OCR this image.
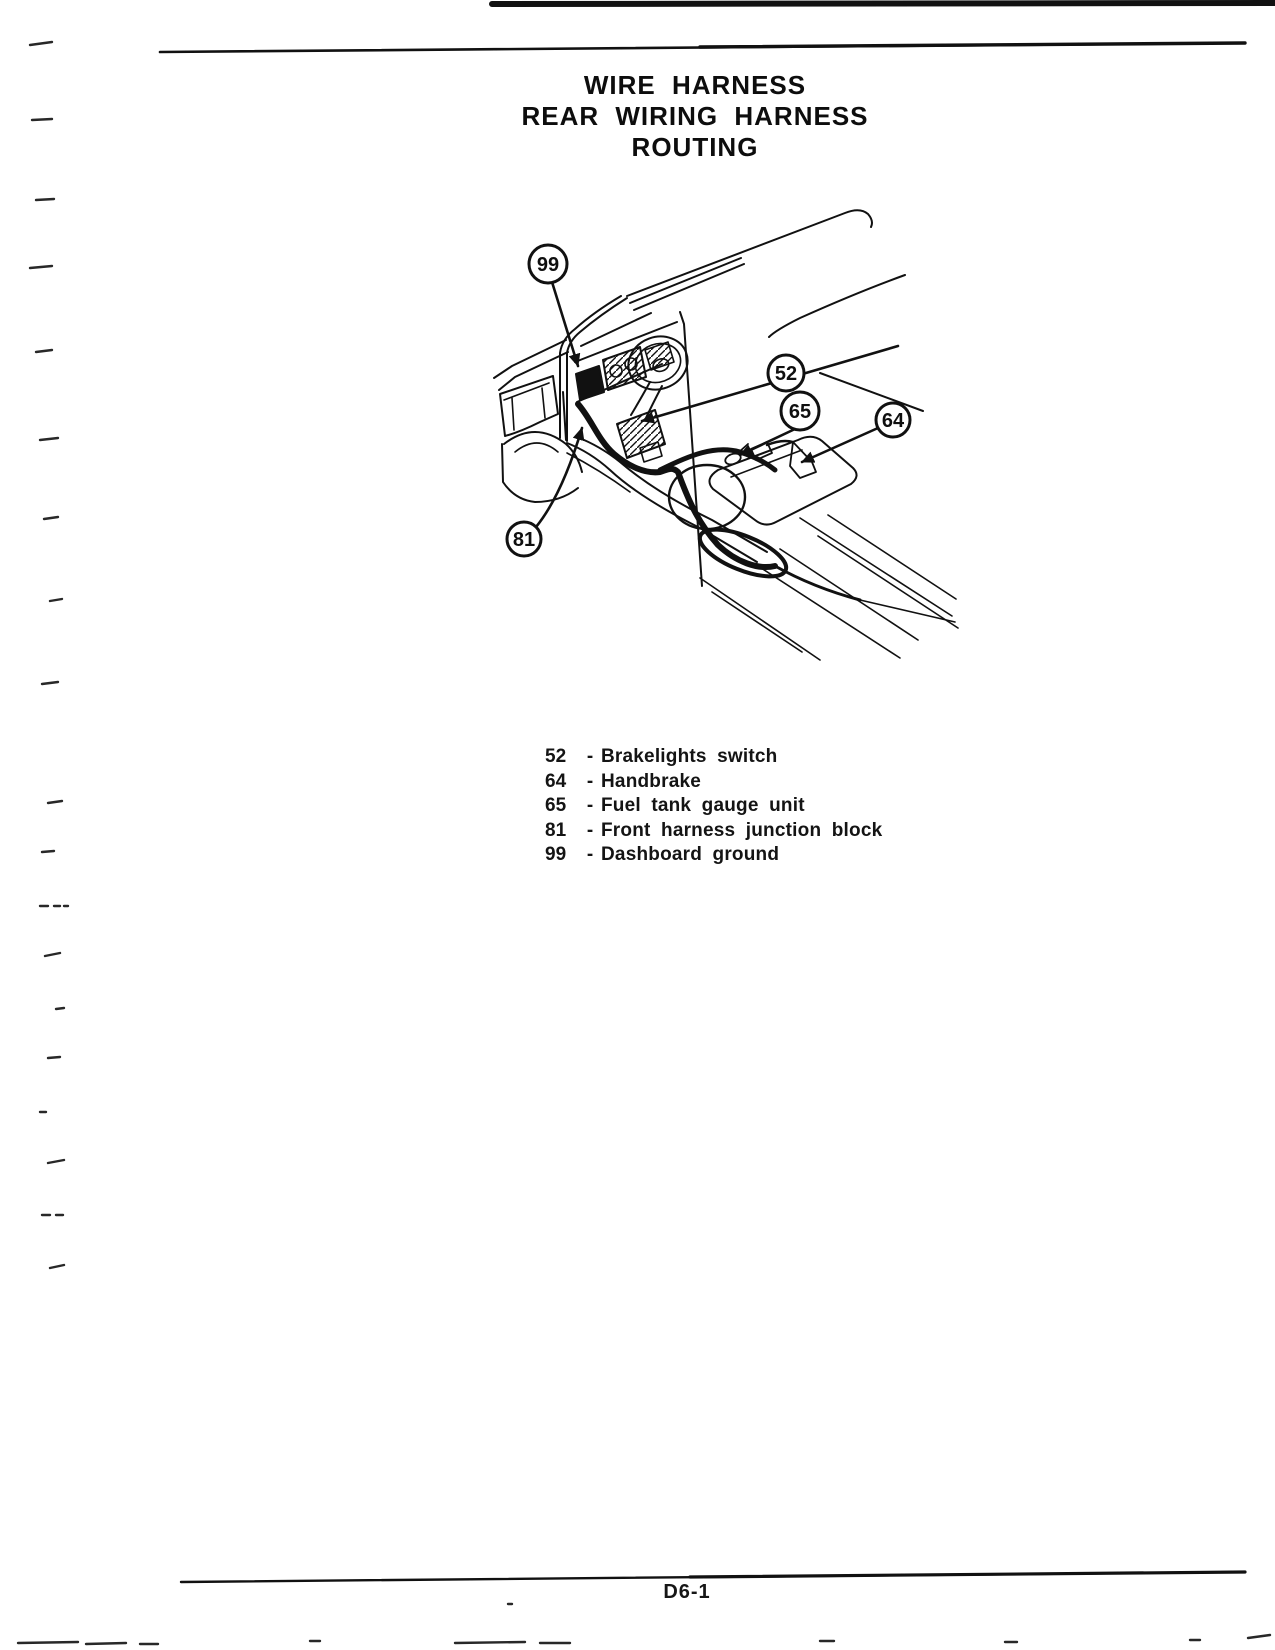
99
52
65	64
81
WIRE HARNESS
REAR WIRING HARNESS
ROUTING
52	- Brakelights switch
64	- Handbrake
65	- Fuel tank gauge unit
81	- Front harness junction block
99	- Dashboard ground
D6-1
